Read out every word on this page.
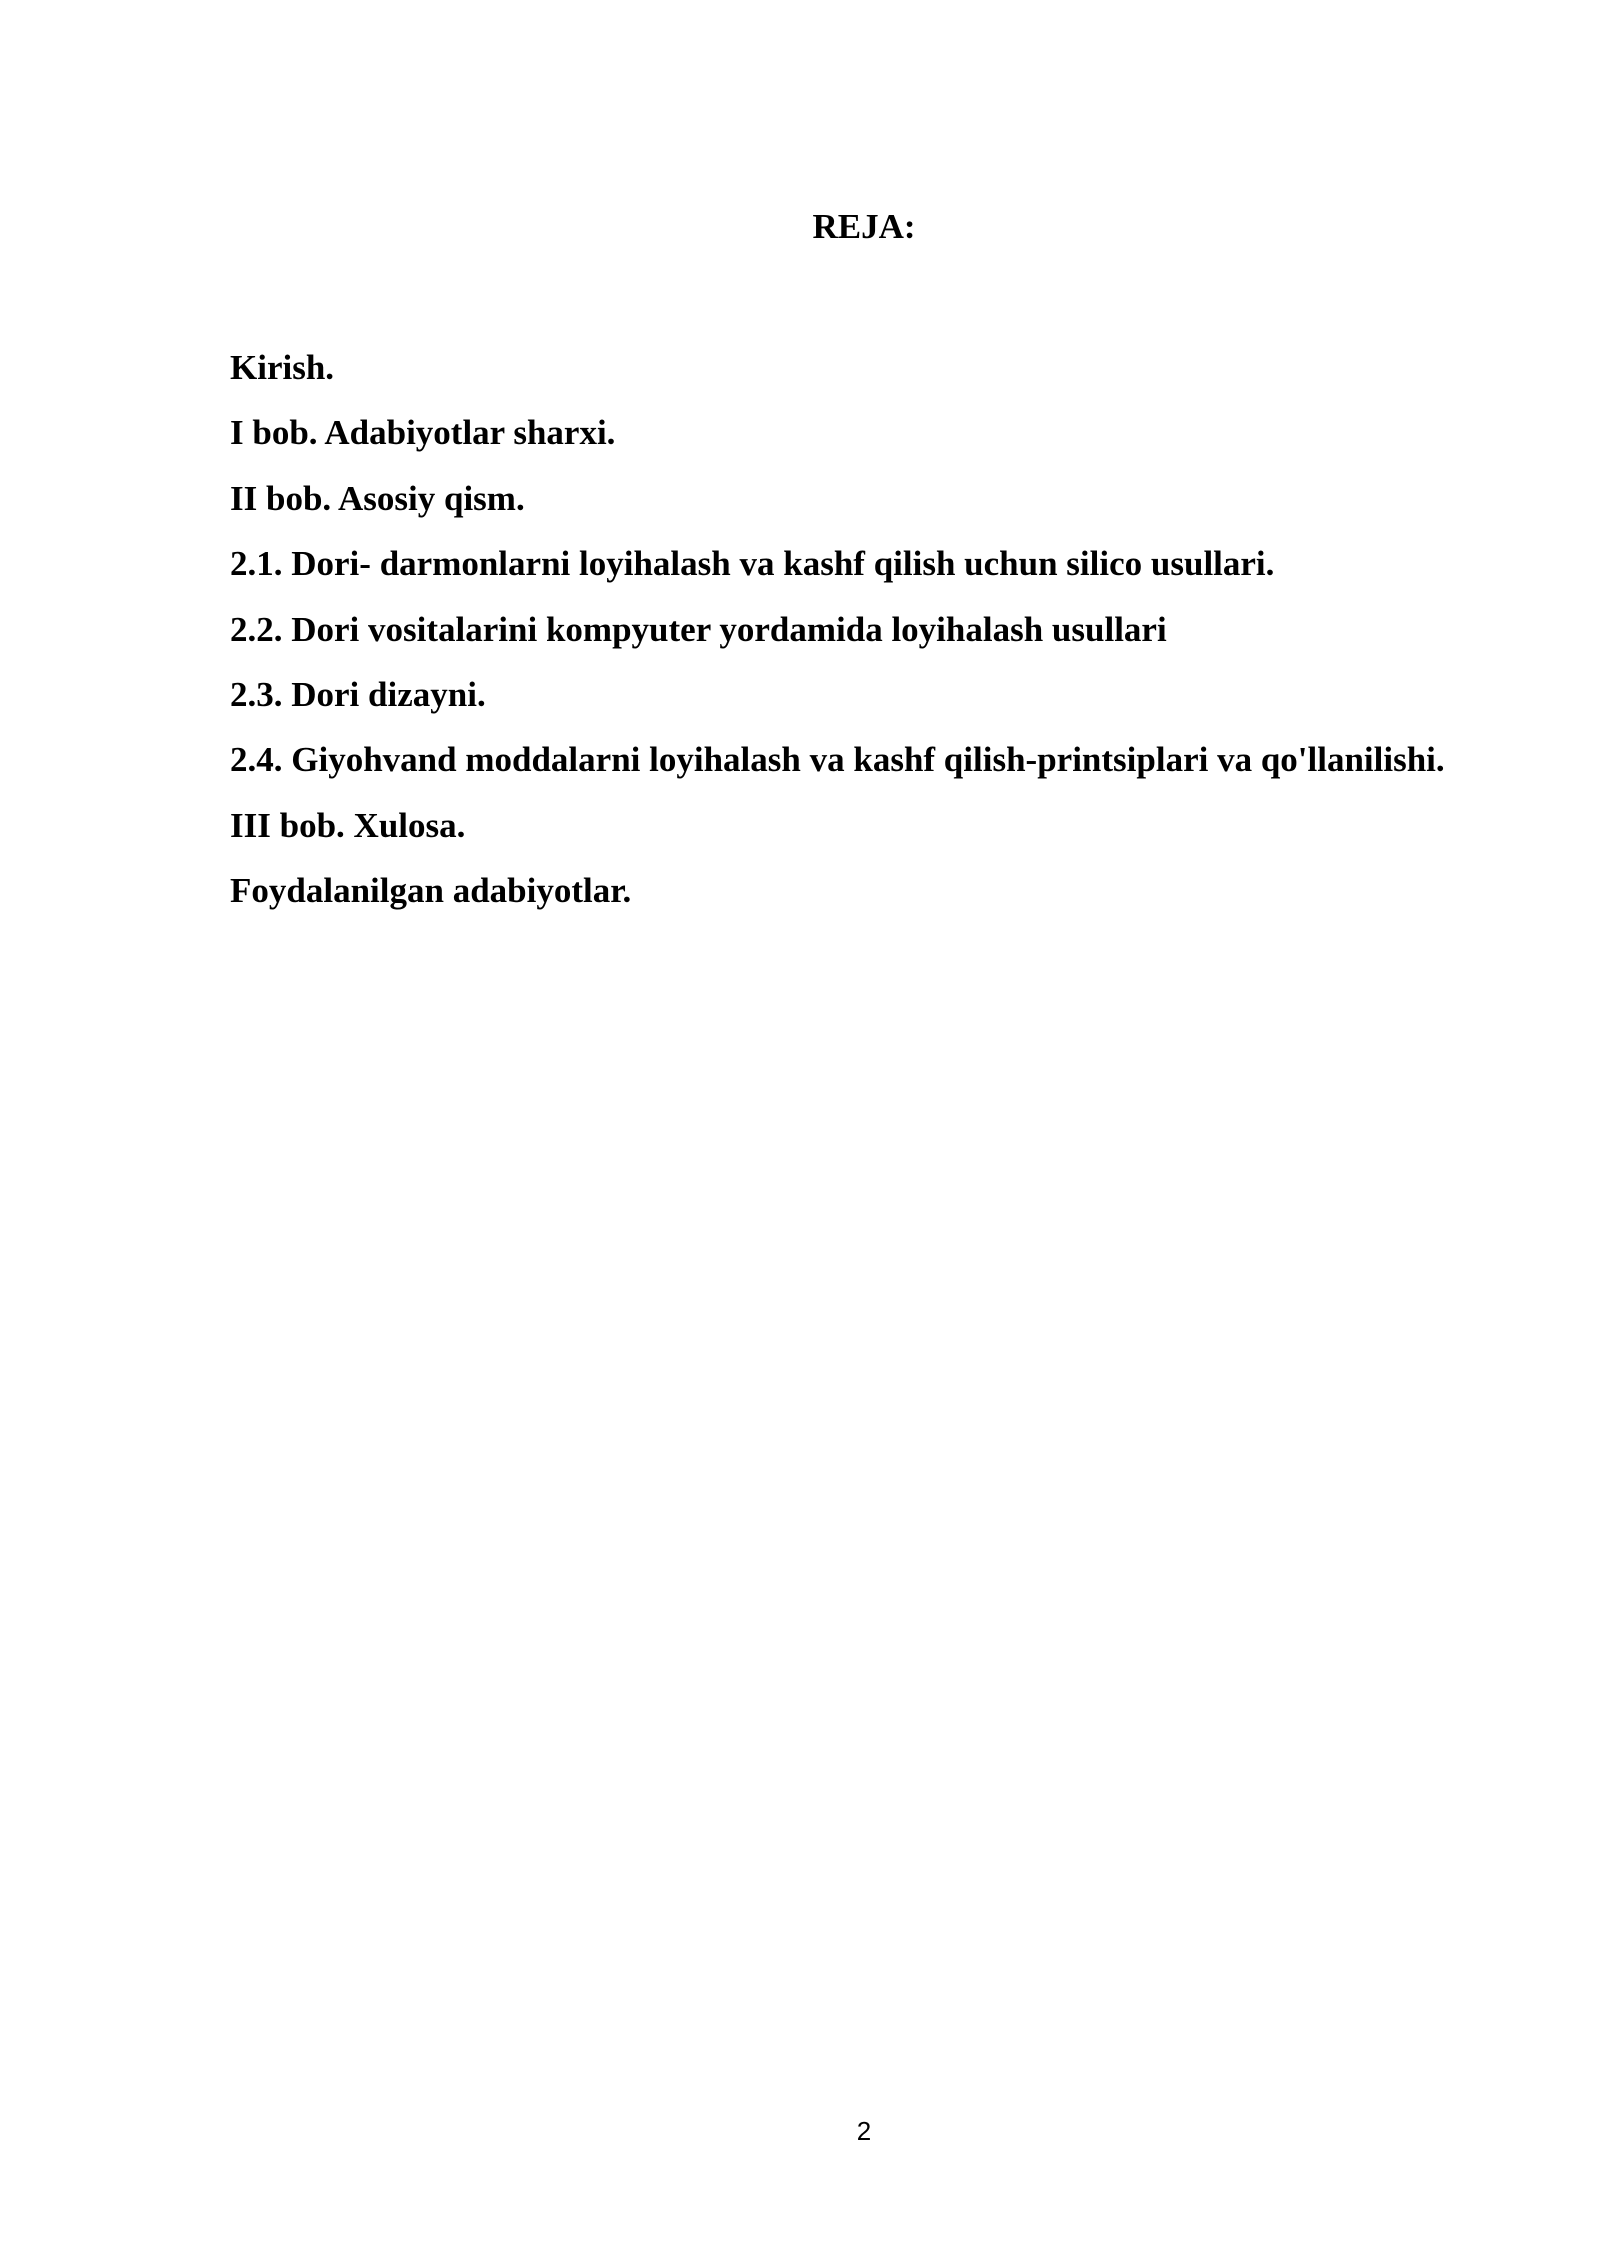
REJA:
Kirish.
I bob. Adabiyotlar sharxi.
II bob. Asosiy qism.
2.1. Dori- darmonlarni loyihalash va kashf qilish uchun silico usullari.
2.2. Dori vositalarini kompyuter yordamida loyihalash usullari
2.3. Dori dizayni.
2.4. Giyohvand moddalarni loyihalash va kashf qilish-printsiplari va qo'llanilishi.
III bob. Xulosa.
Foydalanilgan adabiyotlar.

2
